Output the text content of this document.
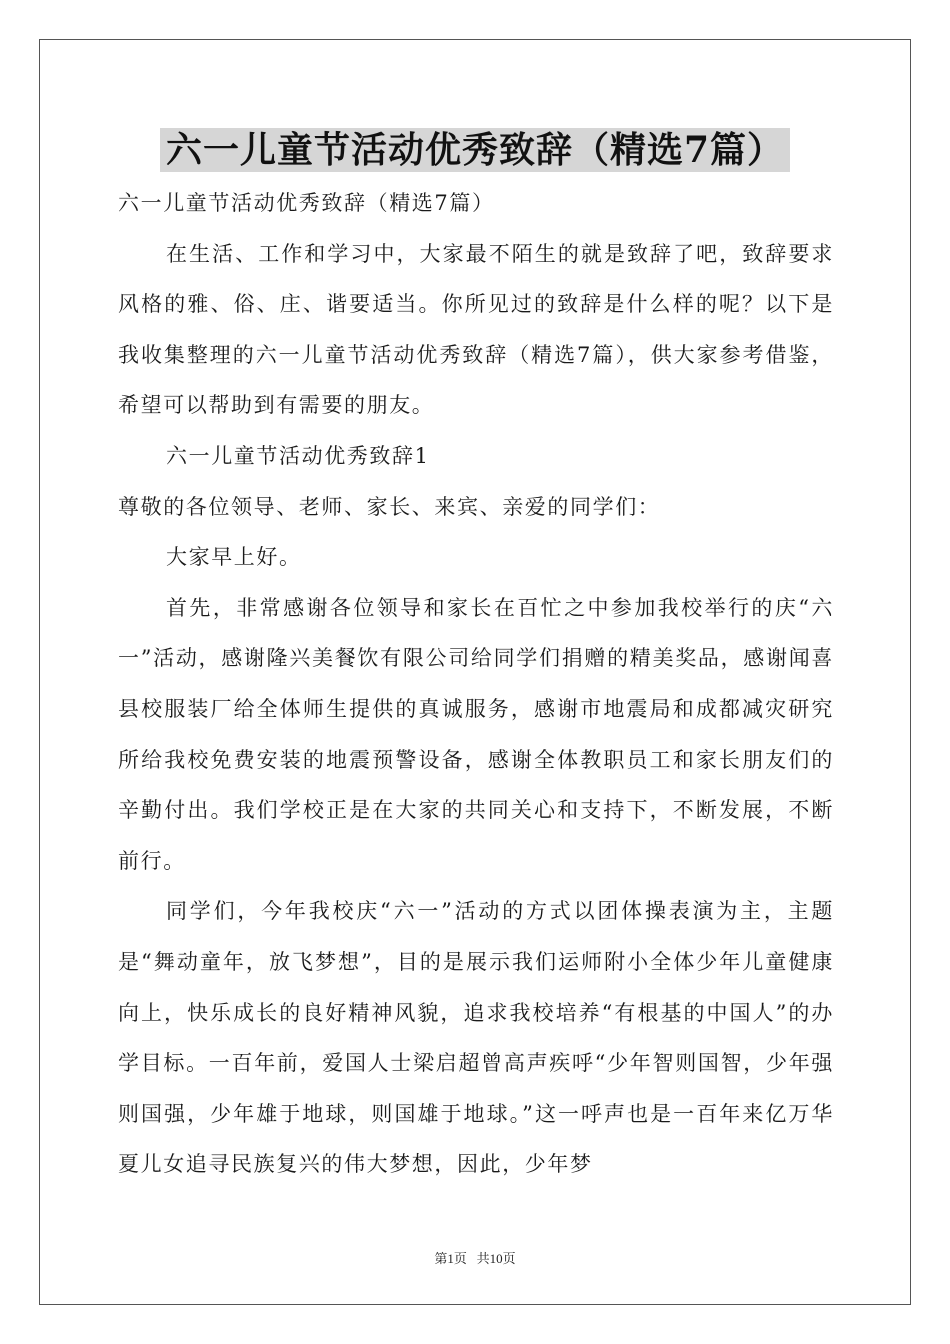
六一儿童节活动优秀致辞（精选7篇）

六一儿童节活动优秀致辞（精选7篇）

在生活、工作和学习中，大家最不陌生的就是致辞了吧，致辞要求风格的雅、俗、庄、谐要适当。你所见过的致辞是什么样的呢？以下是我收集整理的六一儿童节活动优秀致辞（精选7篇），供大家参考借鉴，希望可以帮助到有需要的朋友。

六一儿童节活动优秀致辞1

尊敬的各位领导、老师、家长、来宾、亲爱的同学们：

大家早上好。

首先，非常感谢各位领导和家长在百忙之中参加我校举行的庆“六一”活动，感谢隆兴美餐饮有限公司给同学们捐赠的精美奖品，感谢闻喜县校服装厂给全体师生提供的真诚服务，感谢市地震局和成都减灾研究所给我校免费安装的地震预警设备，感谢全体教职员工和家长朋友们的辛勤付出。我们学校正是在大家的共同关心和支持下，不断发展，不断前行。

同学们，今年我校庆“六一”活动的方式以团体操表演为主，主题是“舞动童年，放飞梦想”，目的是展示我们运师附小全体少年儿童健康向上，快乐成长的良好精神风貌，追求我校培养“有根基的中国人”的办学目标。一百年前，爱国人士梁启超曾高声疾呼“少年智则国智，少年强则国强，少年雄于地球，则国雄于地球。”这一呼声也是一百年来亿万华夏儿女追寻民族复兴的伟大梦想，因此，少年梦

第1页 共10页
